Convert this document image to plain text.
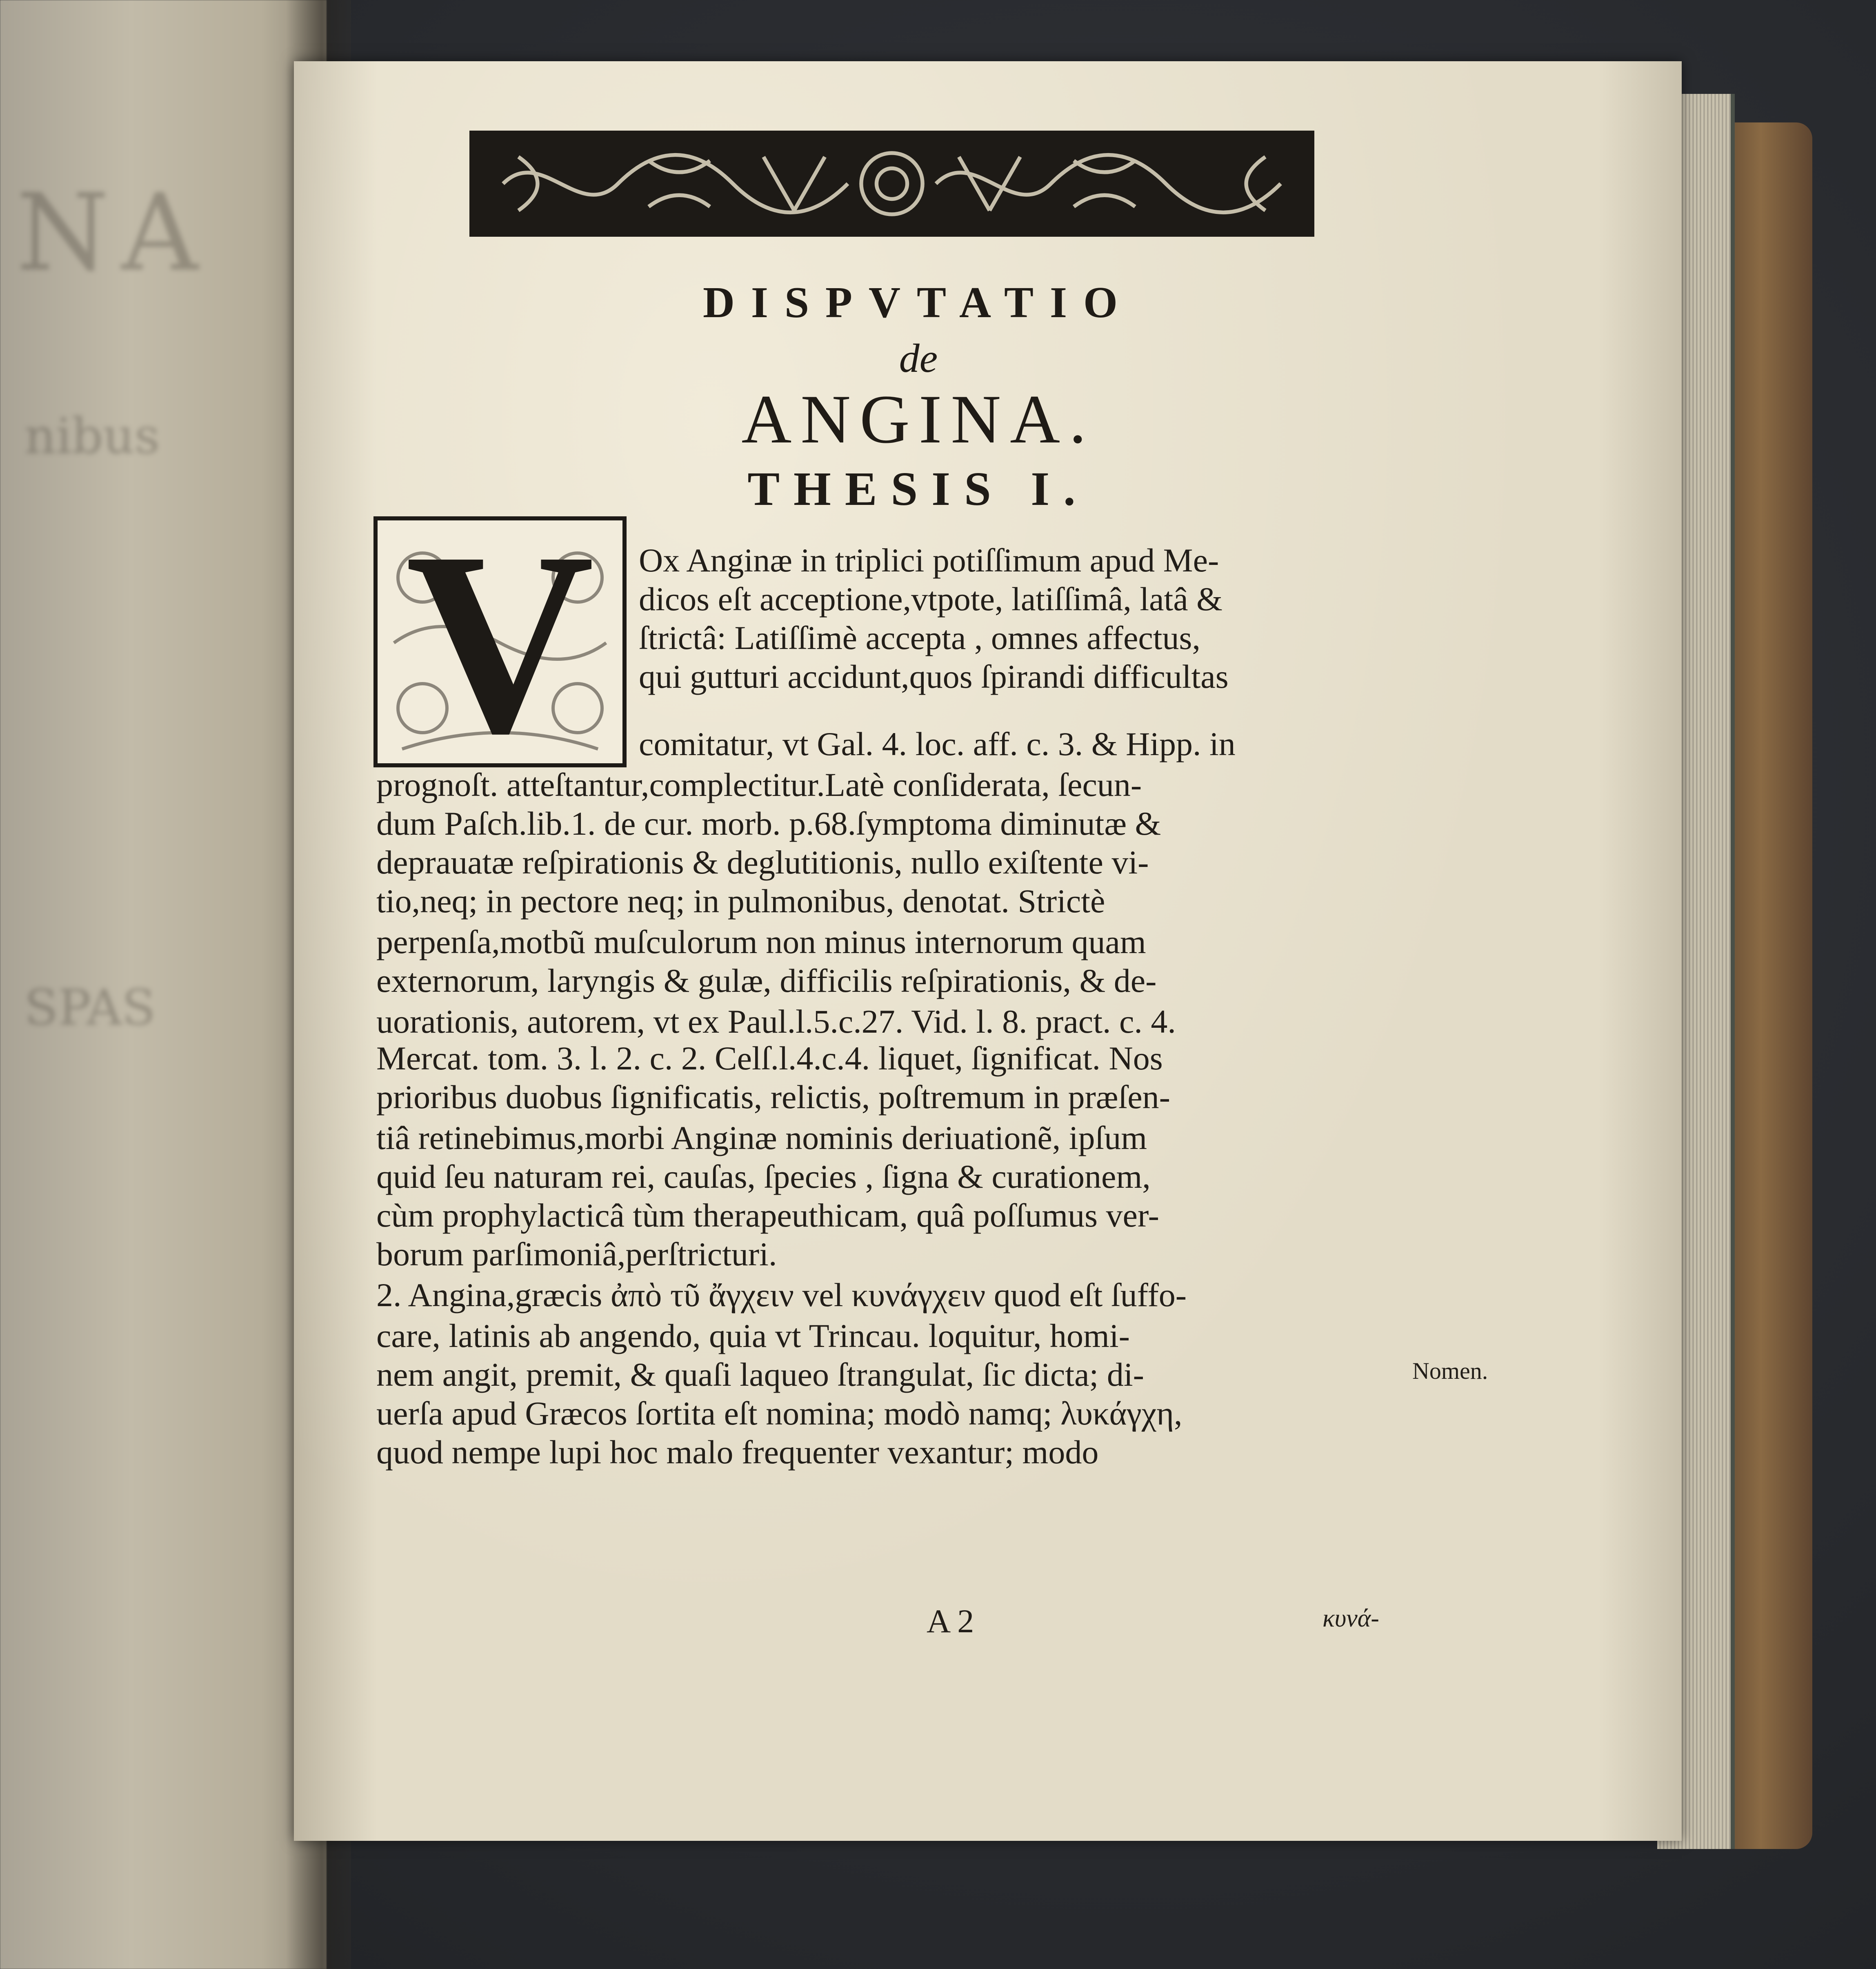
NA
nibus
SPAS
DISPVTATIO
de
ANGINA.
THESIS I.
V	Ox Anginæ in triplici potiſſimum apud Me-
dicos eſt acceptione,vtpote, latiſſimâ, latâ &
ſtrictâ: Latiſſimè accepta , omnes affectus,
qui gutturi accidunt,quos ſpirandi difficultas
comitatur, vt Gal. 4. loc. aff. c. 3. & Hipp. in
prognoſt. atteſtantur,complectitur.Latè conſiderata, ſecun-
dum Paſch.lib.1. de cur. morb. p.68.ſymptoma diminutæ &
deprauatæ reſpirationis & deglutitionis, nullo exiſtente vi-
tio,neq; in pectore neq; in pulmonibus, denotat. Strictè
perpenſa,motbũ muſculorum non minus internorum quam
externorum, laryngis & gulæ, difficilis reſpirationis, & de-
uorationis, autorem, vt ex Paul.l.5.c.27. Vid. l. 8. pract. c. 4.
Mercat. tom. 3. l. 2. c. 2. Celſ.l.4.c.4. liquet, ſignificat. Nos
prioribus duobus ſignificatis, relictis, poſtremum in præſen-
tiâ retinebimus,morbi Anginæ nominis deriuationẽ, ipſum
quid ſeu naturam rei, cauſas, ſpecies , ſigna & curationem,
cùm prophylacticâ tùm therapeuthicam, quâ poſſumus ver-
borum parſimoniâ,perſtricturi.
2. Angina,græcis ἀπὸ τῦ ἄγχειν vel κυνάγχειν quod eſt ſuffo-
care, latinis ab angendo, quia vt Trincau. loquitur, homi-
nem angit, premit, & quaſi laqueo ſtrangulat, ſic dicta; di-
uerſa apud Græcos ſortita eſt nomina; modò namq; λυκάγχη,
quod nempe lupi hoc malo frequenter vexantur; modo
Nomen.
A 2	κυνά-
